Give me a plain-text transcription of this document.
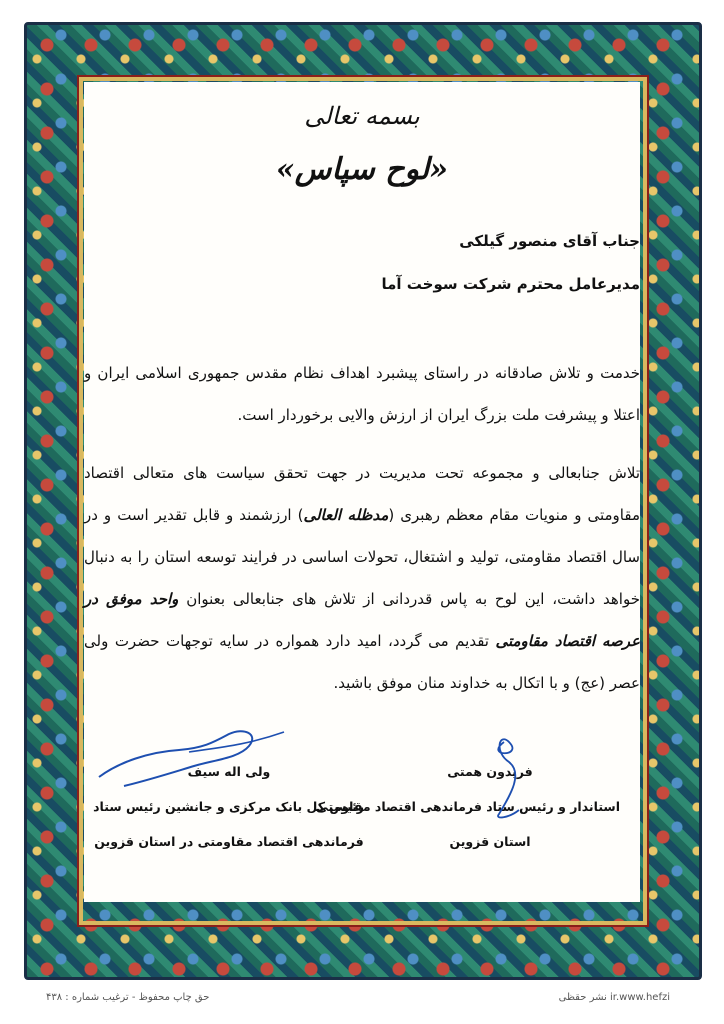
بسمه تعالی
«لوح سپاس»
جناب آقای منصور گیلکی
مدیرعامل محترم شرکت سوخت آما
خدمت و تلاش صادقانه در راستای پیشبرد اهداف نظام مقدس جمهوری اسلامی ایران و اعتلا و پیشرفت ملت بزرگ ایران از ارزش والایی برخوردار است.
تلاش جنابعالی و مجموعه تحت مدیریت در جهت تحقق سیاست های متعالی اقتصاد مقاومتی و منویات مقام معظم رهبری (مدظله العالی) ارزشمند و قابل تقدیر است و در سال اقتصاد مقاومتی، تولید و اشتغال، تحولات اساسی در فرایند توسعه استان را به دنبال خواهد داشت، این لوح به پاس قدردانی از تلاش های جنابعالی بعنوان واحد موفق در عرصه اقتصاد مقاومتی تقدیم می گردد، امید دارد همواره در سایه توجهات حضرت ولی عصر (عج) و با اتکال به خداوند منان موفق باشید.
فریدون همتی
استاندار و رئیس ستاد فرماندهی اقتصاد مقاومتی
استان قزوین
ولی اله سیف
رئیس کل بانک مرکزی و جانشین رئیس ستاد
فرماندهی اقتصاد مقاومتی در استان قزوین
حق چاپ محفوظ - ترغیب شماره : ۴۳۸	نشر حقظی ir.www.hefzi
